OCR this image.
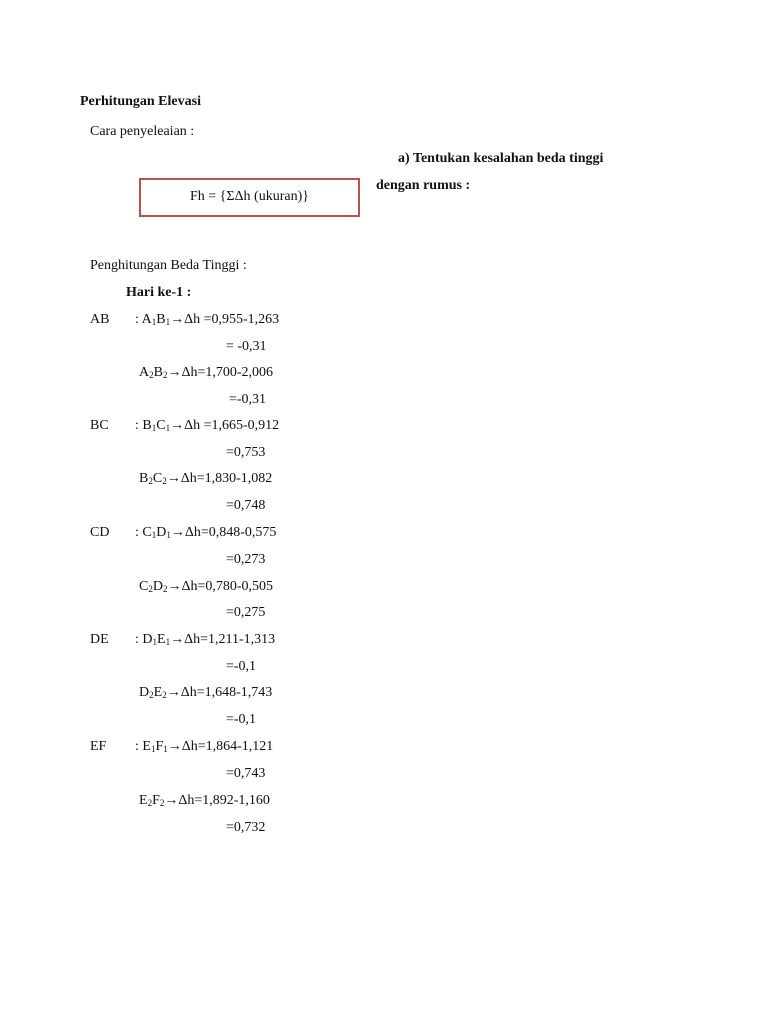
Perhitungan Elevasi
Cara penyeleaian :
a) Tentukan kesalahan beda tinggi
dengan rumus :
Fh = {ΣΔh (ukuran)}
Penghitungan Beda Tinggi :
Hari ke-1 :
AB : $A_1B_1\to\Delta h =0,955-1,263$
= -0,31
$A_2B_2\to\Delta h=1,700-2,006$
=-0,31
BC : $B_1C_1\to\Delta h =1,665-0,912$
=0,753
$B_2C_2\to\Delta h=1,830-1,082$
=0,748
CD : $C_1D_1\to\Delta h=0,848-0,575$
=0,273
$C_2D_2\to\Delta h=0,780-0,505$
=0,275
DE : $D_1E_1\to\Delta h=1,211-1,313$
=-0,1
$D_2E_2\to\Delta h=1,648-1,743$
=-0,1
EF : $E_1F_1\to\Delta h=1,864-1,121$
=0,743
$E_2F_2\to\Delta h=1,892-1,160$
=0,732
